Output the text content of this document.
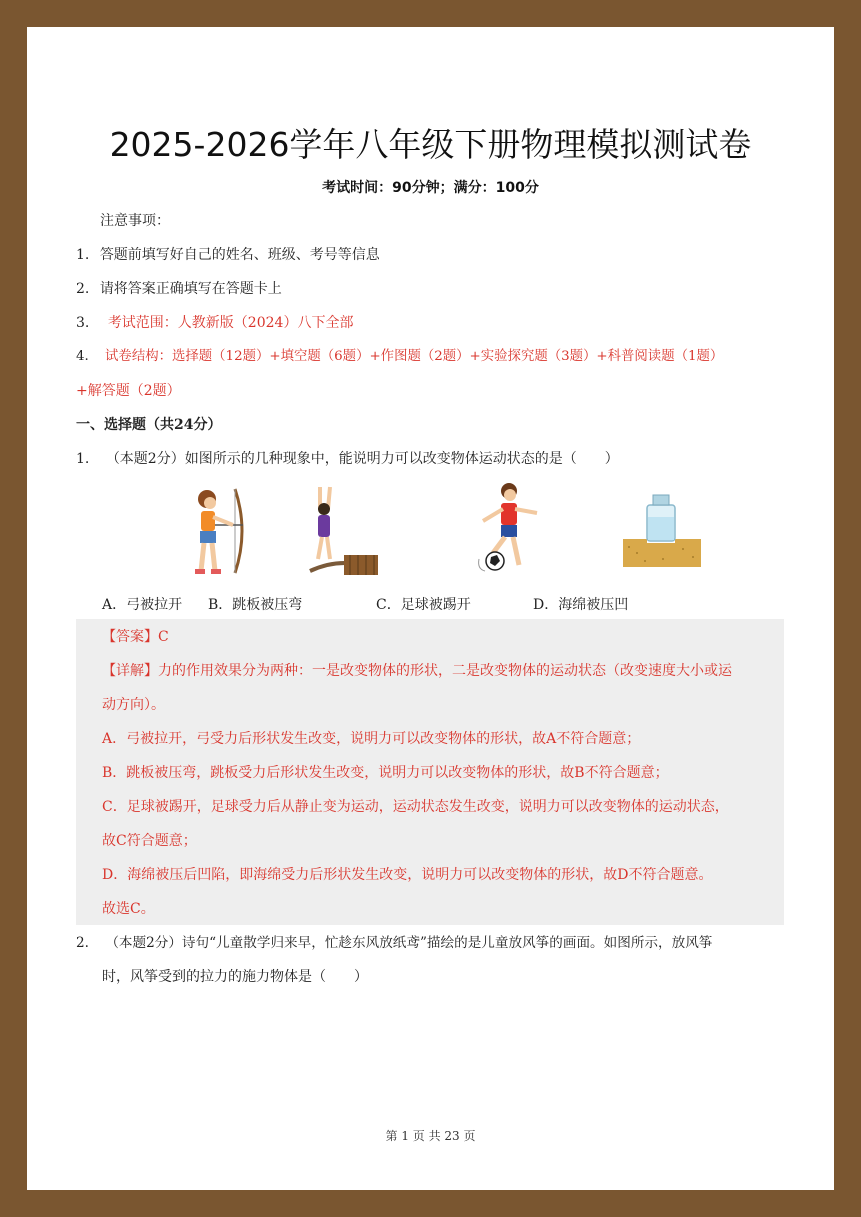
2025-2026学年八年级下册物理模拟测试卷
考试时间：90分钟；满分：100分
注意事项：
1. 答题前填写好自己的姓名、班级、考号等信息
2. 请将答案正确填写在答题卡上
3. 考试范围：人教新版（2024）八下全部
4. 试卷结构：选择题（12题）+填空题（6题）+作图题（2题）+实验探究题（3题）+科普阅读题（1题）
+解答题（2题）
一、选择题（共24分）
1. （本题2分）如图所示的几种现象中，能说明力可以改变物体运动状态的是（　　）
A．弓被拉开 B．跳板被压弯	C．足球被踢开	D．海绵被压凹
【答案】C
【详解】力的作用效果分为两种：一是改变物体的形状，二是改变物体的运动状态（改变速度大小或运
动方向）。
A．弓被拉开，弓受力后形状发生改变，说明力可以改变物体的形状，故A不符合题意；
B．跳板被压弯，跳板受力后形状发生改变，说明力可以改变物体的形状，故B不符合题意；
C．足球被踢开，足球受力后从静止变为运动，运动状态发生改变，说明力可以改变物体的运动状态，
故C符合题意；
D．海绵被压后凹陷，即海绵受力后形状发生改变，说明力可以改变物体的形状，故D不符合题意。
故选C。
2. （本题2分）诗句“儿童散学归来早，忙趁东风放纸鸢”描绘的是儿童放风筝的画面。如图所示，放风筝
时，风筝受到的拉力的施力物体是（　　）
第 1 页 共 23 页
